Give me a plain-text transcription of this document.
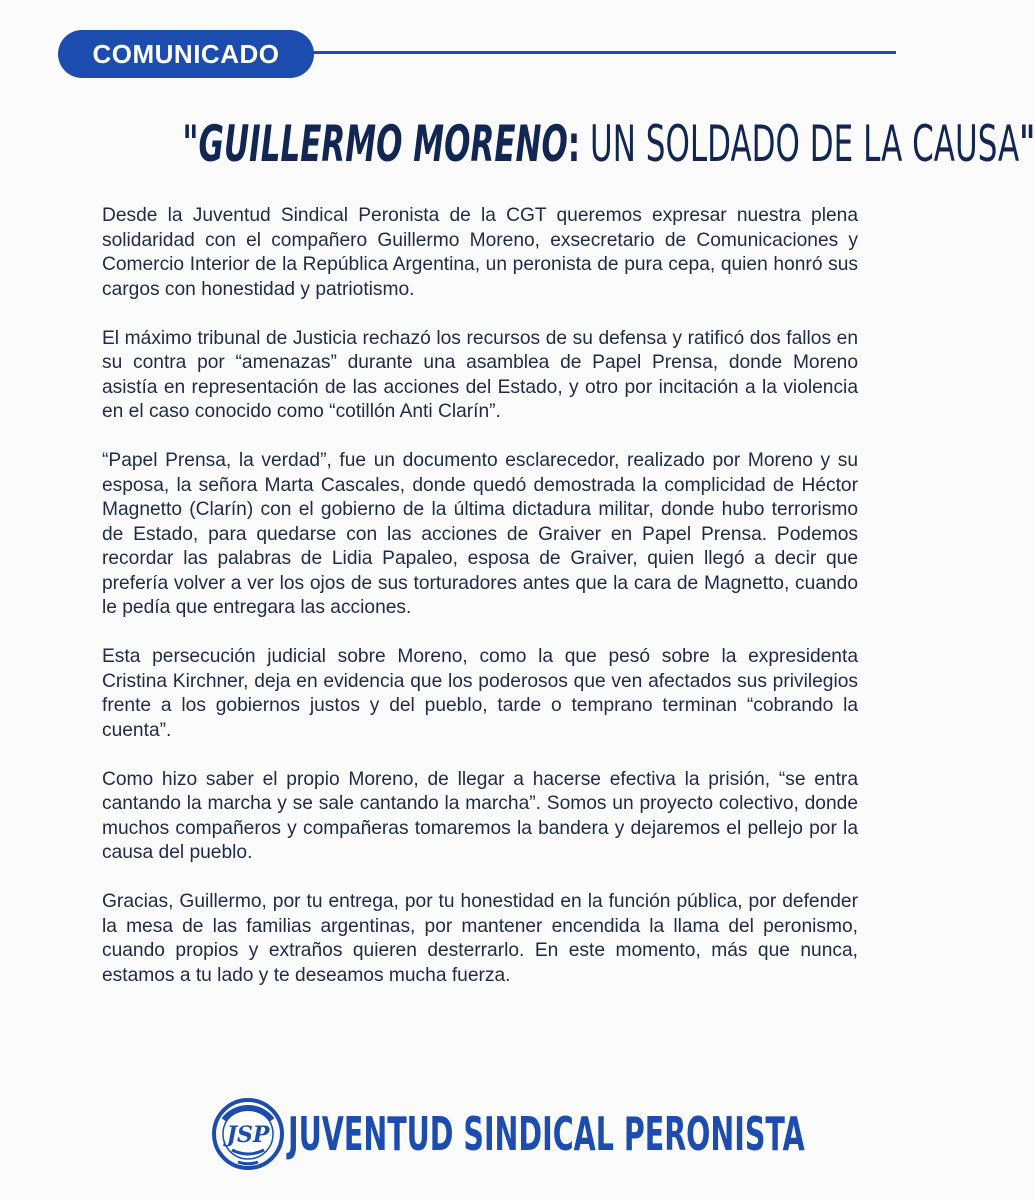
COMUNICADO
"GUILLERMO MORENO: UN SOLDADO DE LA CAUSA"

Desde la Juventud Sindical Peronista de la CGT queremos expresar nuestra plena solidaridad con el compañero Guillermo Moreno, exsecretario de Comunicaciones y Comercio Interior de la República Argentina, un peronista de pura cepa, quien honró sus cargos con honestidad y patriotismo.

El máximo tribunal de Justicia rechazó los recursos de su defensa y ratificó dos fallos en su contra por “amenazas” durante una asamblea de Papel Prensa, donde Moreno asistía en representación de las acciones del Estado, y otro por incitación a la violencia en el caso conocido como “cotillón Anti Clarín”.

“Papel Prensa, la verdad”, fue un documento esclarecedor, realizado por Moreno y su esposa, la señora Marta Cascales, donde quedó demostrada la complicidad de Héctor Magnetto (Clarín) con el gobierno de la última dictadura militar, donde hubo terrorismo de Estado, para quedarse con las acciones de Graiver en Papel Prensa. Podemos recordar las palabras de Lidia Papaleo, esposa de Graiver, quien llegó a decir que prefería volver a ver los ojos de sus torturadores antes que la cara de Magnetto, cuando le pedía que entregara las acciones.

Esta persecución judicial sobre Moreno, como la que pesó sobre la expresidenta Cristina Kirchner, deja en evidencia que los poderosos que ven afectados sus privilegios frente a los gobiernos justos y del pueblo, tarde o temprano terminan “cobrando la cuenta”.

Como hizo saber el propio Moreno, de llegar a hacerse efectiva la prisión, “se entra cantando la marcha y se sale cantando la marcha”. Somos un proyecto colectivo, donde muchos compañeros y compañeras tomaremos la bandera y dejaremos el pellejo por la causa del pueblo.

Gracias, Guillermo, por tu entrega, por tu honestidad en la función pública, por defender la mesa de las familias argentinas, por mantener encendida la llama del peronismo, cuando propios y extraños quieren desterrarlo. En este momento, más que nunca, estamos a tu lado y te deseamos mucha fuerza.

JSP JUVENTUD SINDICAL PERONISTA
